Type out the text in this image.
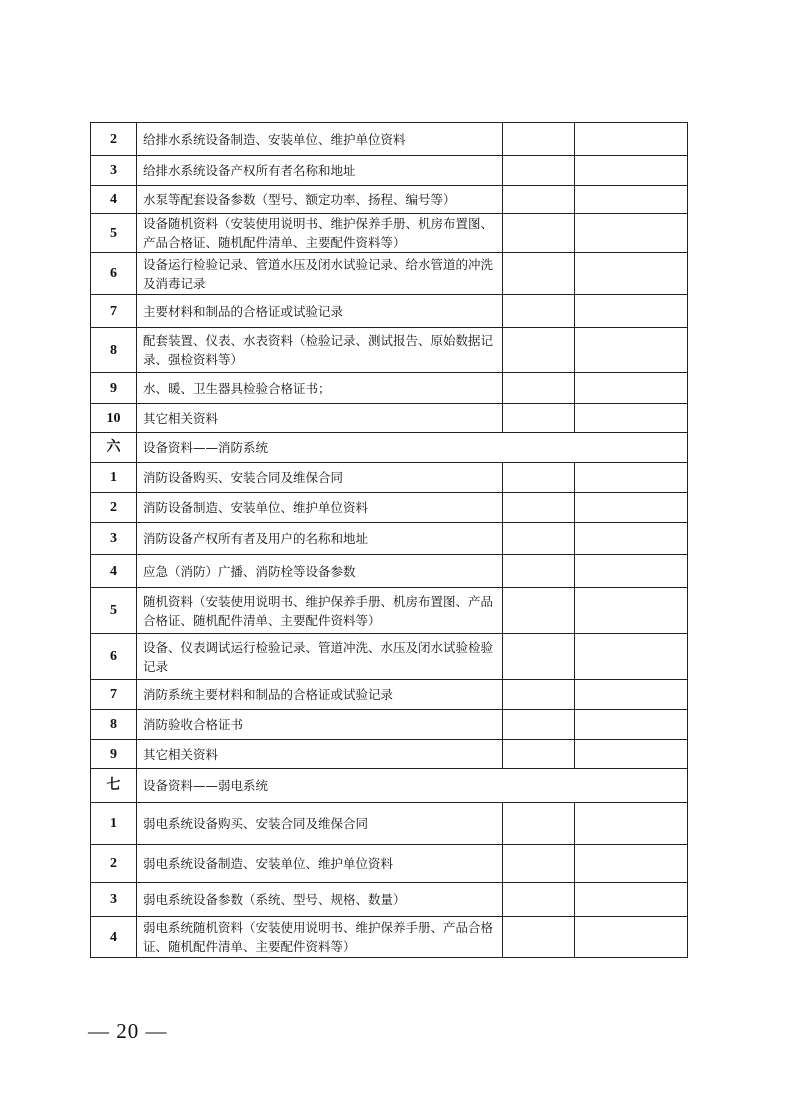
2	给排水系统设备制造、安装单位、维护单位资料		
3	给排水系统设备产权所有者名称和地址		
4	水泵等配套设备参数（型号、额定功率、扬程、编号等）		
5	设备随机资料（安装使用说明书、维护保养手册、机房布置图、产品合格证、随机配件清单、主要配件资料等）		
6	设备运行检验记录、管道水压及闭水试验记录、给水管道的冲洗及消毒记录		
7	主要材料和制品的合格证或试验记录		
8	配套装置、仪表、水表资料（检验记录、测试报告、原始数据记录、强检资料等）		
9	水、暖、卫生器具检验合格证书；		
10	其它相关资料		
六	设备资料——消防系统		
1	消防设备购买、安装合同及维保合同		
2	消防设备制造、安装单位、维护单位资料		
3	消防设备产权所有者及用户的名称和地址		
4	应急（消防）广播、消防栓等设备参数		
5	随机资料（安装使用说明书、维护保养手册、机房布置图、产品合格证、随机配件清单、主要配件资料等）		
6	设备、仪表调试运行检验记录、管道冲洗、水压及闭水试验检验记录		
7	消防系统主要材料和制品的合格证或试验记录		
8	消防验收合格证书		
9	其它相关资料		
七	设备资料——弱电系统		
1	弱电系统设备购买、安装合同及维保合同		
2	弱电系统设备制造、安装单位、维护单位资料		
3	弱电系统设备参数（系统、型号、规格、数量）		
4	弱电系统随机资料（安装使用说明书、维护保养手册、产品合格证、随机配件清单、主要配件资料等）		
— 20 —
